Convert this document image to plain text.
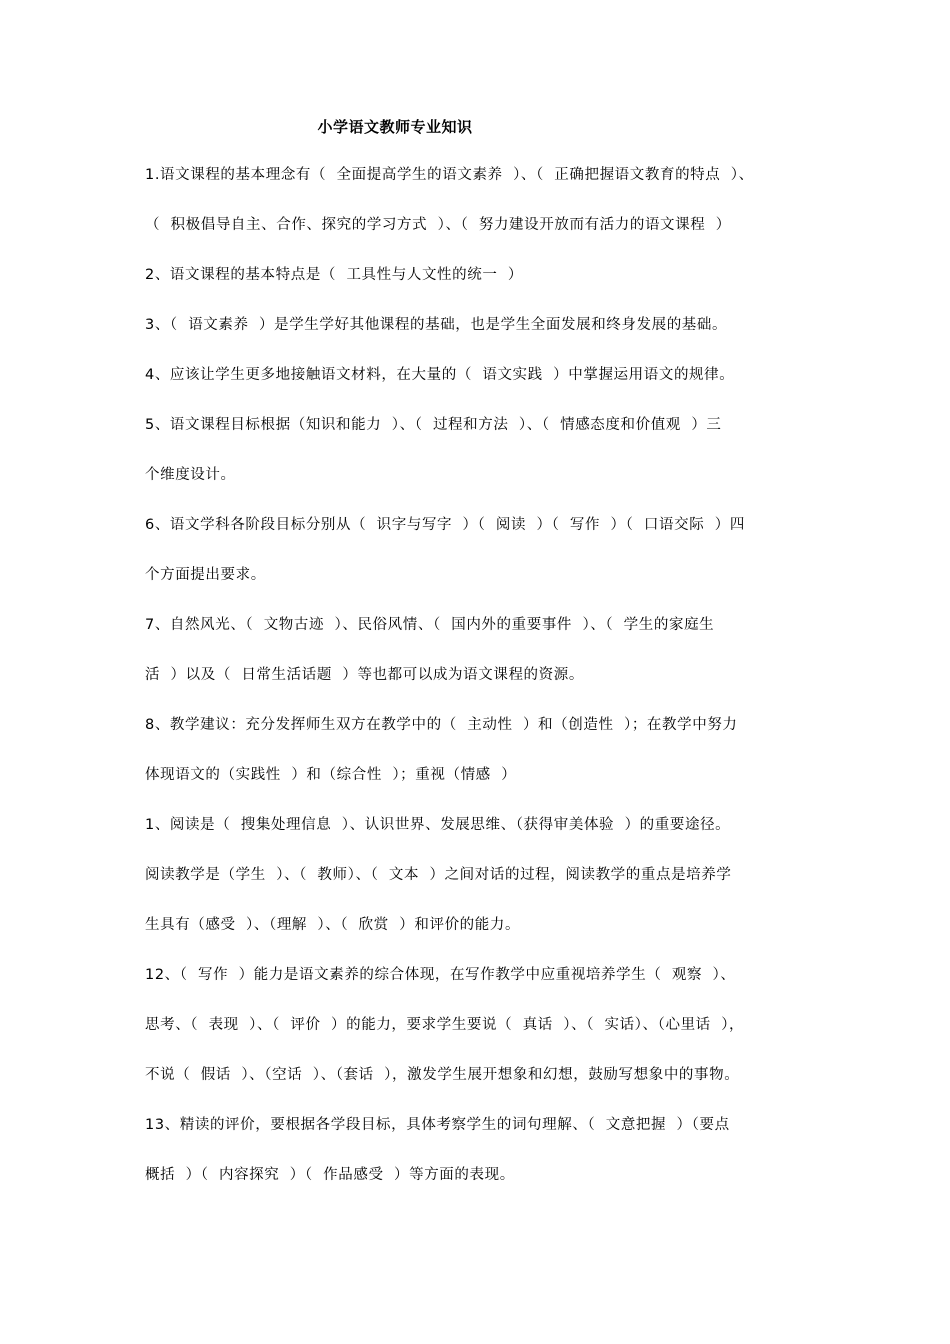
小学语文教师专业知识
1.语文课程的基本理念有（  全面提高学生的语文素养  ）、（  正确把握语文教育的特点  ）、
（  积极倡导自主、合作、探究的学习方式  ）、（  努力建设开放而有活力的语文课程  ）
2、语文课程的基本特点是（  工具性与人文性的统一  ）
3、（  语文素养  ）是学生学好其他课程的基础，也是学生全面发展和终身发展的基础。
4、应该让学生更多地接触语文材料，在大量的（  语文实践  ）中掌握运用语文的规律。
5、语文课程目标根据（知识和能力  ）、（  过程和方法  ）、（  情感态度和价值观  ）三
个维度设计。
6、语文学科各阶段目标分别从（  识字与写字  ）（  阅读  ）（  写作  ）（  口语交际  ）四
个方面提出要求。
7、自然风光、（  文物古迹  ）、民俗风情、（  国内外的重要事件  ）、（  学生的家庭生
活  ）以及（  日常生活话题  ）等也都可以成为语文课程的资源。
8、教学建议：充分发挥师生双方在教学中的（  主动性  ）和（创造性  ）；在教学中努力
体现语文的（实践性  ）和（综合性  ）；重视（情感  ）
1、阅读是（  搜集处理信息  ）、认识世界、发展思维、（获得审美体验  ）的重要途径。
阅读教学是（学生  ）、（  教师）、（  文本  ）之间对话的过程，阅读教学的重点是培养学
生具有（感受  ）、（理解  ）、（  欣赏  ）和评价的能力。
12、（  写作  ）能力是语文素养的综合体现，在写作教学中应重视培养学生（  观察  ）、
思考、（  表现  ）、（  评价  ）的能力，要求学生要说（  真话  ）、（  实话）、（心里话  ），
不说（  假话  ）、（空话  ）、（套话  ），激发学生展开想象和幻想，鼓励写想象中的事物。
13、精读的评价，要根据各学段目标，具体考察学生的词句理解、（  文意把握  ）（要点
概括  ）（  内容探究  ）（  作品感受  ）等方面的表现。
